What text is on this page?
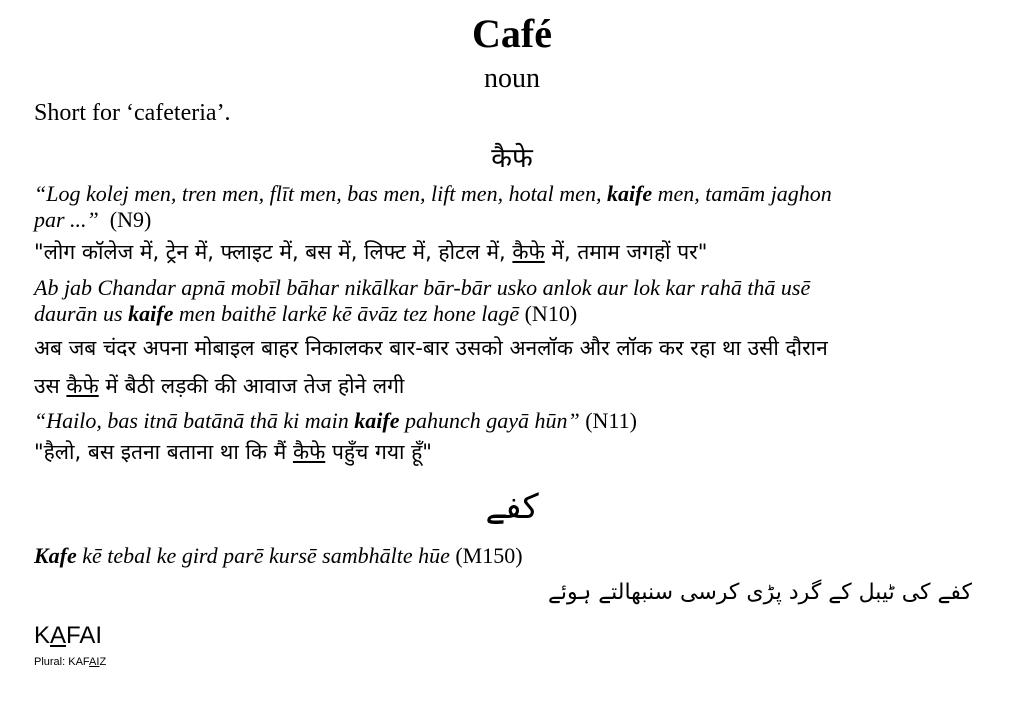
Café
noun
Short for ‘cafeteria’.
कैफे
“Log kolej men, tren men, flīt men, bas men, lift men, hotal men, kaife men, tamām jaghon
par ...” (N9)
"लोग कॉलेज में, ट्रेन में, फ्लाइट में, बस में, लिफ्ट में, होटल में, कैफे में, तमाम जगहों पर"
Ab jab Chandar apnā mobīl bāhar nikālkar bār-bār usko anlok aur lok kar rahā thā usē
daurān us kaife men baithē larkē kē āvāz tez hone lagē (N10)
अब जब चंदर अपना मोबाइल बाहर निकालकर बार-बार उसको अनलॉक और लॉक कर रहा था उसी दौरान
उस कैफे में बैठी लड़की की आवाज तेज होने लगी
“Hailo, bas itnā batānā thā ki main kaife pahunch gayā hūn” (N11)
"हैलो, बस इतना बताना था कि मैं कैफे पहुँच गया हूँ"
کفے
Kafe kē tebal ke gird parē kursē sambhālte hūe (M150)
کفے کی ٹیبل کے گرد پڑی کرسی سنبھالتے ہوئے
KAFAI
Plural: KAFAIZ
